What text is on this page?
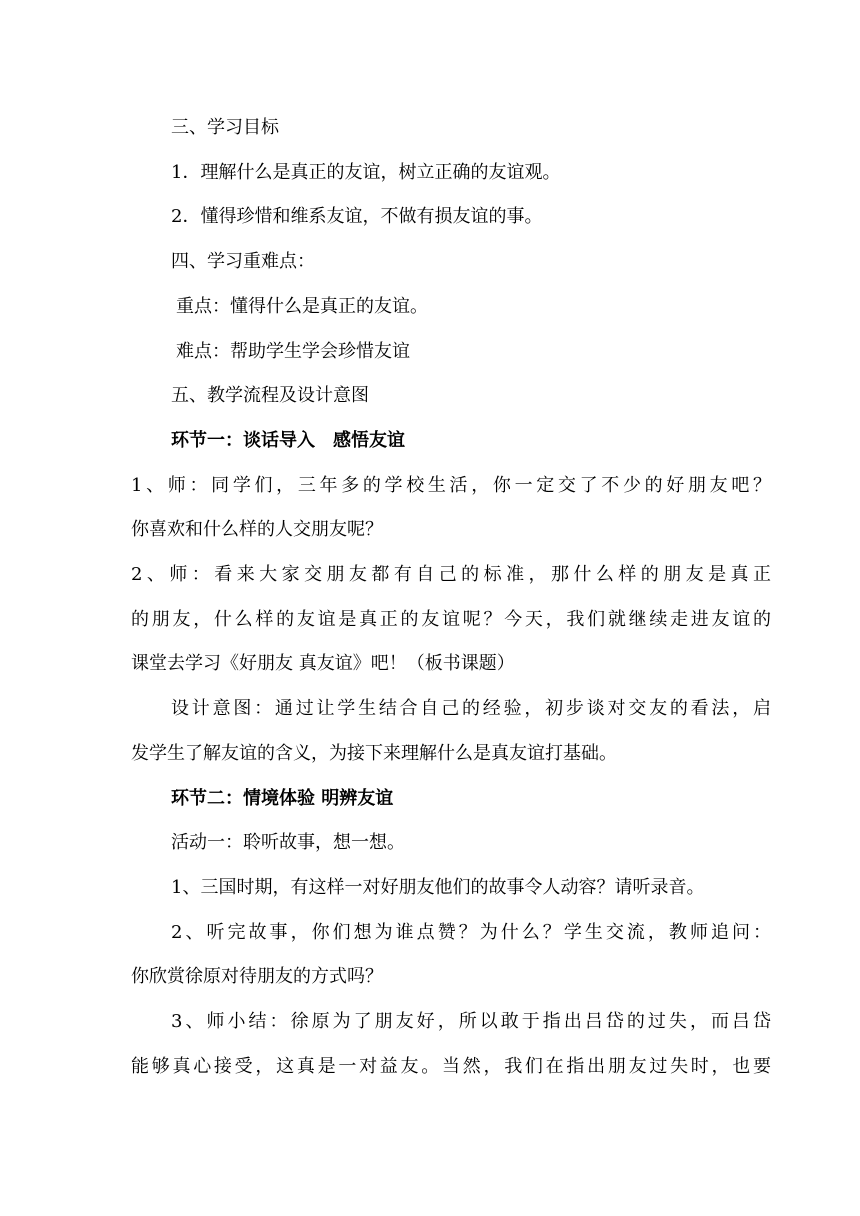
三、学习目标
1．理解什么是真正的友谊，树立正确的友谊观。
2．懂得珍惜和维系友谊，不做有损友谊的事。
四、学习重难点：
重点：懂得什么是真正的友谊。
难点：帮助学生学会珍惜友谊
五、教学流程及设计意图
环节一：谈话导入　感悟友谊
1、师：同学们，三年多的学校生活，你一定交了不少的好朋友吧？
你喜欢和什么样的人交朋友呢？
2、师：看来大家交朋友都有自己的标准，那什么样的朋友是真正
的朋友，什么样的友谊是真正的友谊呢？今天，我们就继续走进友谊的
课堂去学习《好朋友 真友谊》吧！（板书课题）
设计意图：通过让学生结合自己的经验，初步谈对交友的看法，启
发学生了解友谊的含义，为接下来理解什么是真友谊打基础。
环节二：情境体验 明辨友谊
活动一：聆听故事，想一想。
1、三国时期，有这样一对好朋友他们的故事令人动容？请听录音。
2、听完故事，你们想为谁点赞？为什么？学生交流，教师追问：
你欣赏徐原对待朋友的方式吗？
3、师小结：徐原为了朋友好，所以敢于指出吕岱的过失，而吕岱
能够真心接受，这真是一对益友。当然，我们在指出朋友过失时，也要
